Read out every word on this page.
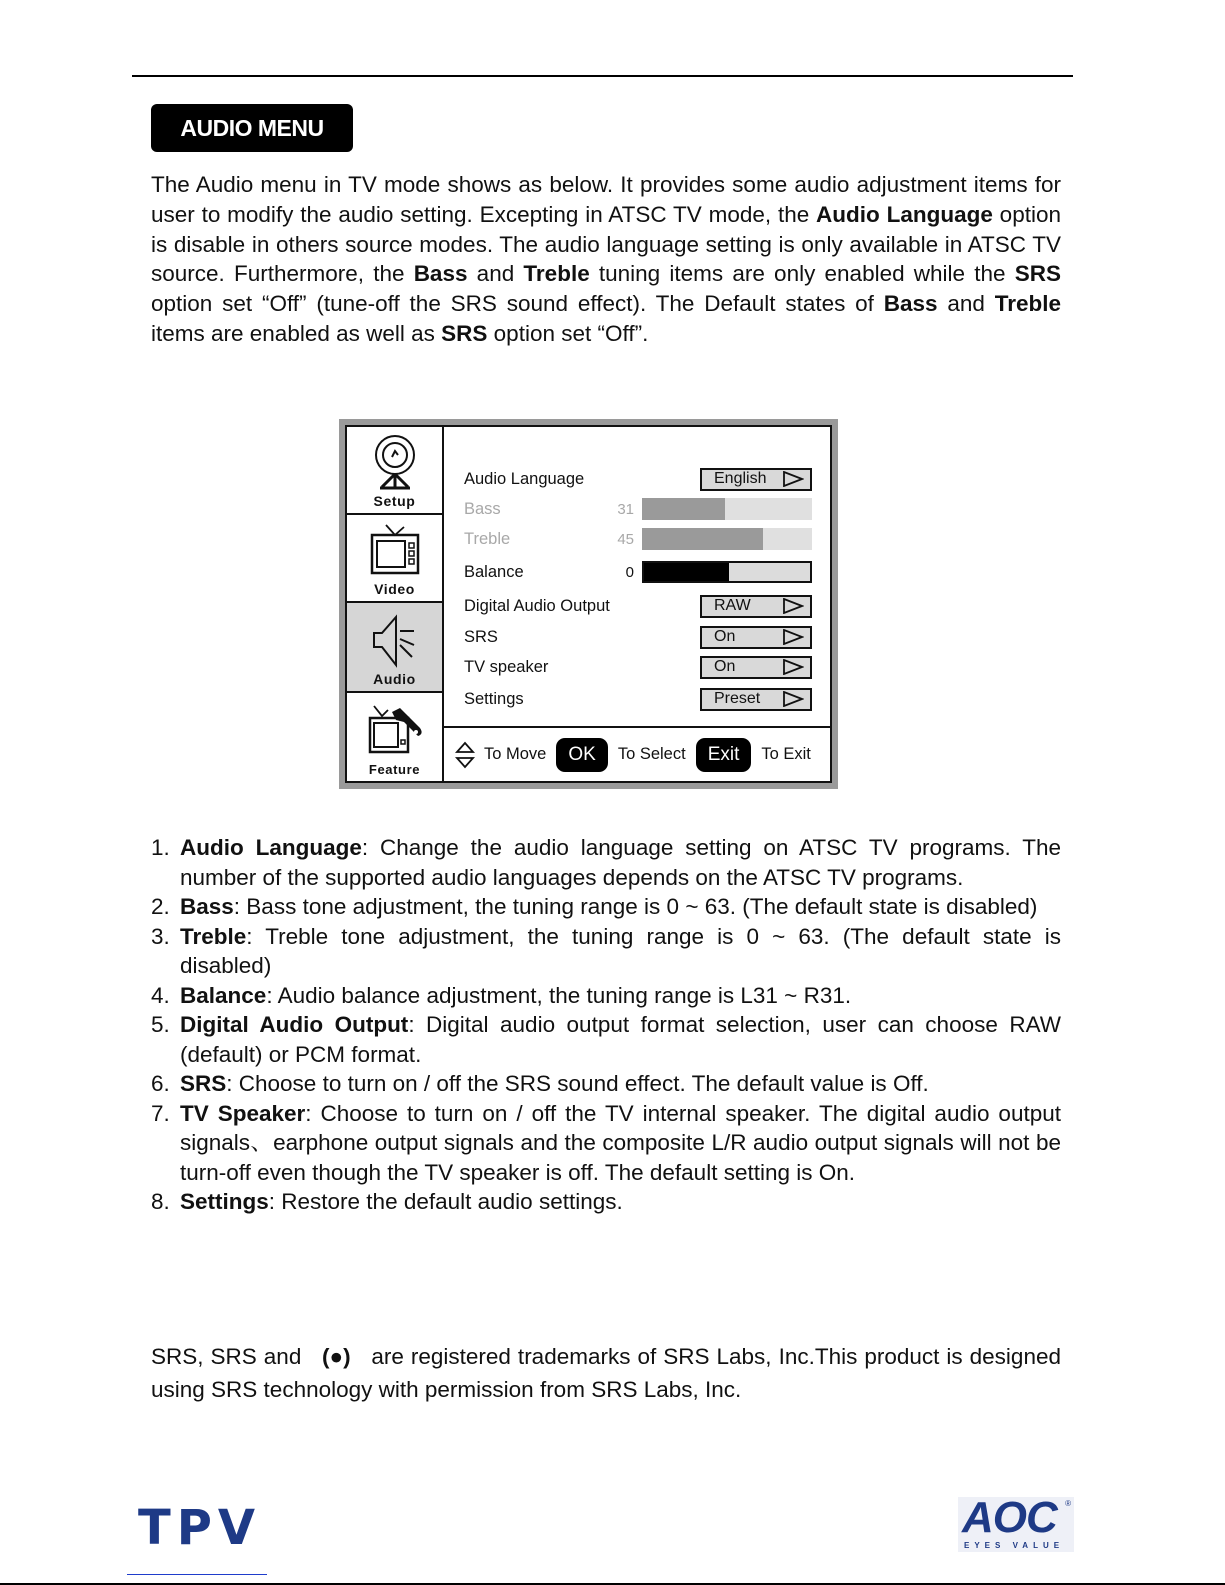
AUDIO MENU
The Audio menu in TV mode shows as below. It provides some audio adjustment items for user to modify the audio setting. Excepting in ATSC TV mode, the Audio Language option is disable in others source modes. The audio language setting is only available in ATSC TV source. Furthermore, the Bass and Treble tuning items are only enabled while the SRS option set “Off” (tune-off the SRS sound effect). The Default states of Bass and Treble items are enabled as well as SRS option set “Off”.
Setup
Video
Audio
Feature
Audio Language	English
Bass	31
Treble	45
Balance	0
Digital Audio Output	RAW
SRS	On
TV speaker	On
Settings	Preset
To Move	OK	To Select	Exit	To Exit
1. Audio Language: Change the audio language setting on ATSC TV programs. The number of the supported audio languages depends on the ATSC TV programs.
2. Bass: Bass tone adjustment, the tuning range is 0 ~ 63. (The default state is disabled)
3. Treble: Treble tone adjustment, the tuning range is 0 ~ 63. (The default state is disabled)
4. Balance: Audio balance adjustment, the tuning range is L31 ~ R31.
5. Digital Audio Output: Digital audio output format selection, user can choose RAW (default) or PCM format.
6. SRS: Choose to turn on / off the SRS sound effect. The default value is Off.
7. TV Speaker: Choose to turn on / off the TV internal speaker. The digital audio output signals、earphone output signals and the composite L/R audio output signals will not be turn-off even though the TV speaker is off. The default setting is On.
8. Settings: Restore the default audio settings.
SRS, SRS and (●) are registered trademarks of SRS Labs, Inc.This product is designed using SRS technology with permission from SRS Labs, Inc.
TPV	AOC ®
EYES VALUE
